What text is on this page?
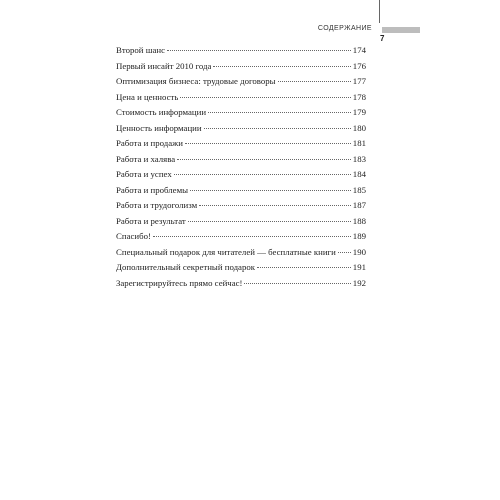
СОДЕРЖАНИЕ
7
Второй шанс	174
Первый инсайт 2010 года	176
Оптимизация бизнеса: трудовые договоры	177
Цена и ценность	178
Стоимость информации	179
Ценность информации	180
Работа и продажи	181
Работа и халява	183
Работа и успех	184
Работа и проблемы	185
Работа и трудоголизм	187
Работа и результат	188
Спасибо!	189
Специальный подарок для читателей — бесплатные книги 190
Дополнительный секретный подарок	191
Зарегистрируйтесь прямо сейчас!	192
